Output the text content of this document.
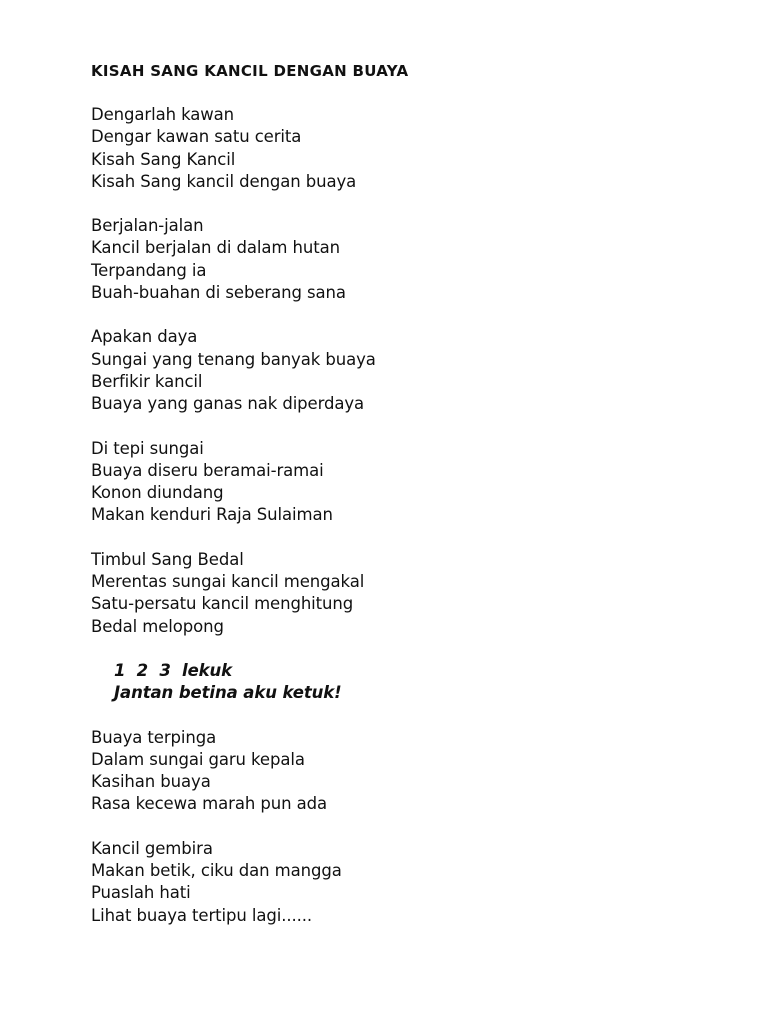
KISAH SANG KANCIL DENGAN BUAYA
Dengarlah kawan
Dengar kawan satu cerita
Kisah Sang Kancil
Kisah Sang kancil dengan buaya
Berjalan-jalan
Kancil berjalan di dalam hutan
Terpandang ia
Buah-buahan di seberang sana
Apakan daya
Sungai yang tenang banyak buaya
Berfikir kancil
Buaya yang ganas nak diperdaya
Di tepi sungai
Buaya diseru beramai-ramai
Konon diundang
Makan kenduri Raja Sulaiman
Timbul Sang Bedal
Merentas sungai kancil mengakal
Satu-persatu kancil menghitung
Bedal melopong
1  2  3  lekuk
Jantan betina aku ketuk!
Buaya terpinga
Dalam sungai garu kepala
Kasihan buaya
Rasa kecewa marah pun ada
Kancil gembira
Makan betik, ciku dan mangga
Puaslah hati
Lihat buaya tertipu lagi......
